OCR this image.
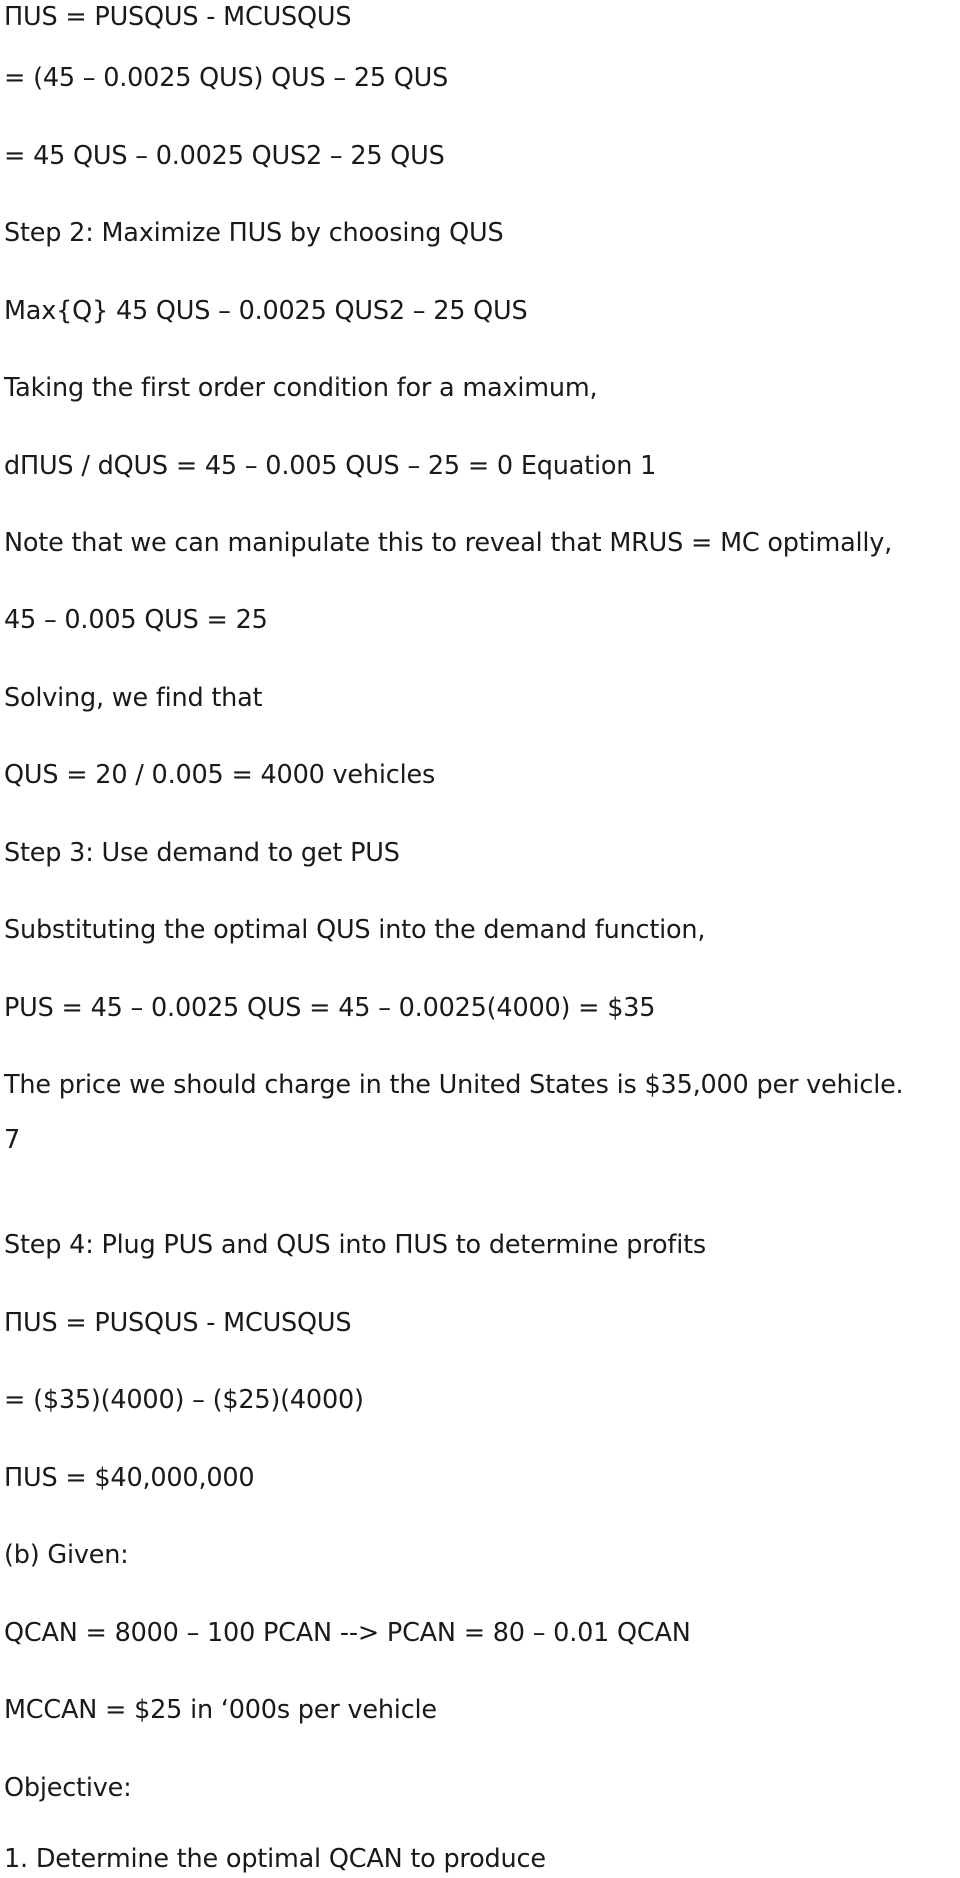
ΠUS = PUSQUS - MCUSQUS
= (45 – 0.0025 QUS) QUS – 25 QUS
= 45 QUS – 0.0025 QUS2 – 25 QUS
Step 2: Maximize ΠUS by choosing QUS
Max{Q} 45 QUS – 0.0025 QUS2 – 25 QUS
Taking the first order condition for a maximum,
dΠUS / dQUS = 45 – 0.005 QUS – 25 = 0 Equation 1
Note that we can manipulate this to reveal that MRUS = MC optimally,
45 – 0.005 QUS = 25
Solving, we find that
QUS = 20 / 0.005 = 4000 vehicles
Step 3: Use demand to get PUS
Substituting the optimal QUS into the demand function,
PUS = 45 – 0.0025 QUS = 45 – 0.0025(4000) = $35
The price we should charge in the United States is $35,000 per vehicle.
7
Step 4: Plug PUS and QUS into ΠUS to determine profits
ΠUS = PUSQUS - MCUSQUS
= ($35)(4000) – ($25)(4000)
ΠUS = $40,000,000
(b) Given:
QCAN = 8000 – 100 PCAN --> PCAN = 80 – 0.01 QCAN
MCCAN = $25 in ‘000s per vehicle
Objective:
1. Determine the optimal QCAN to produce
